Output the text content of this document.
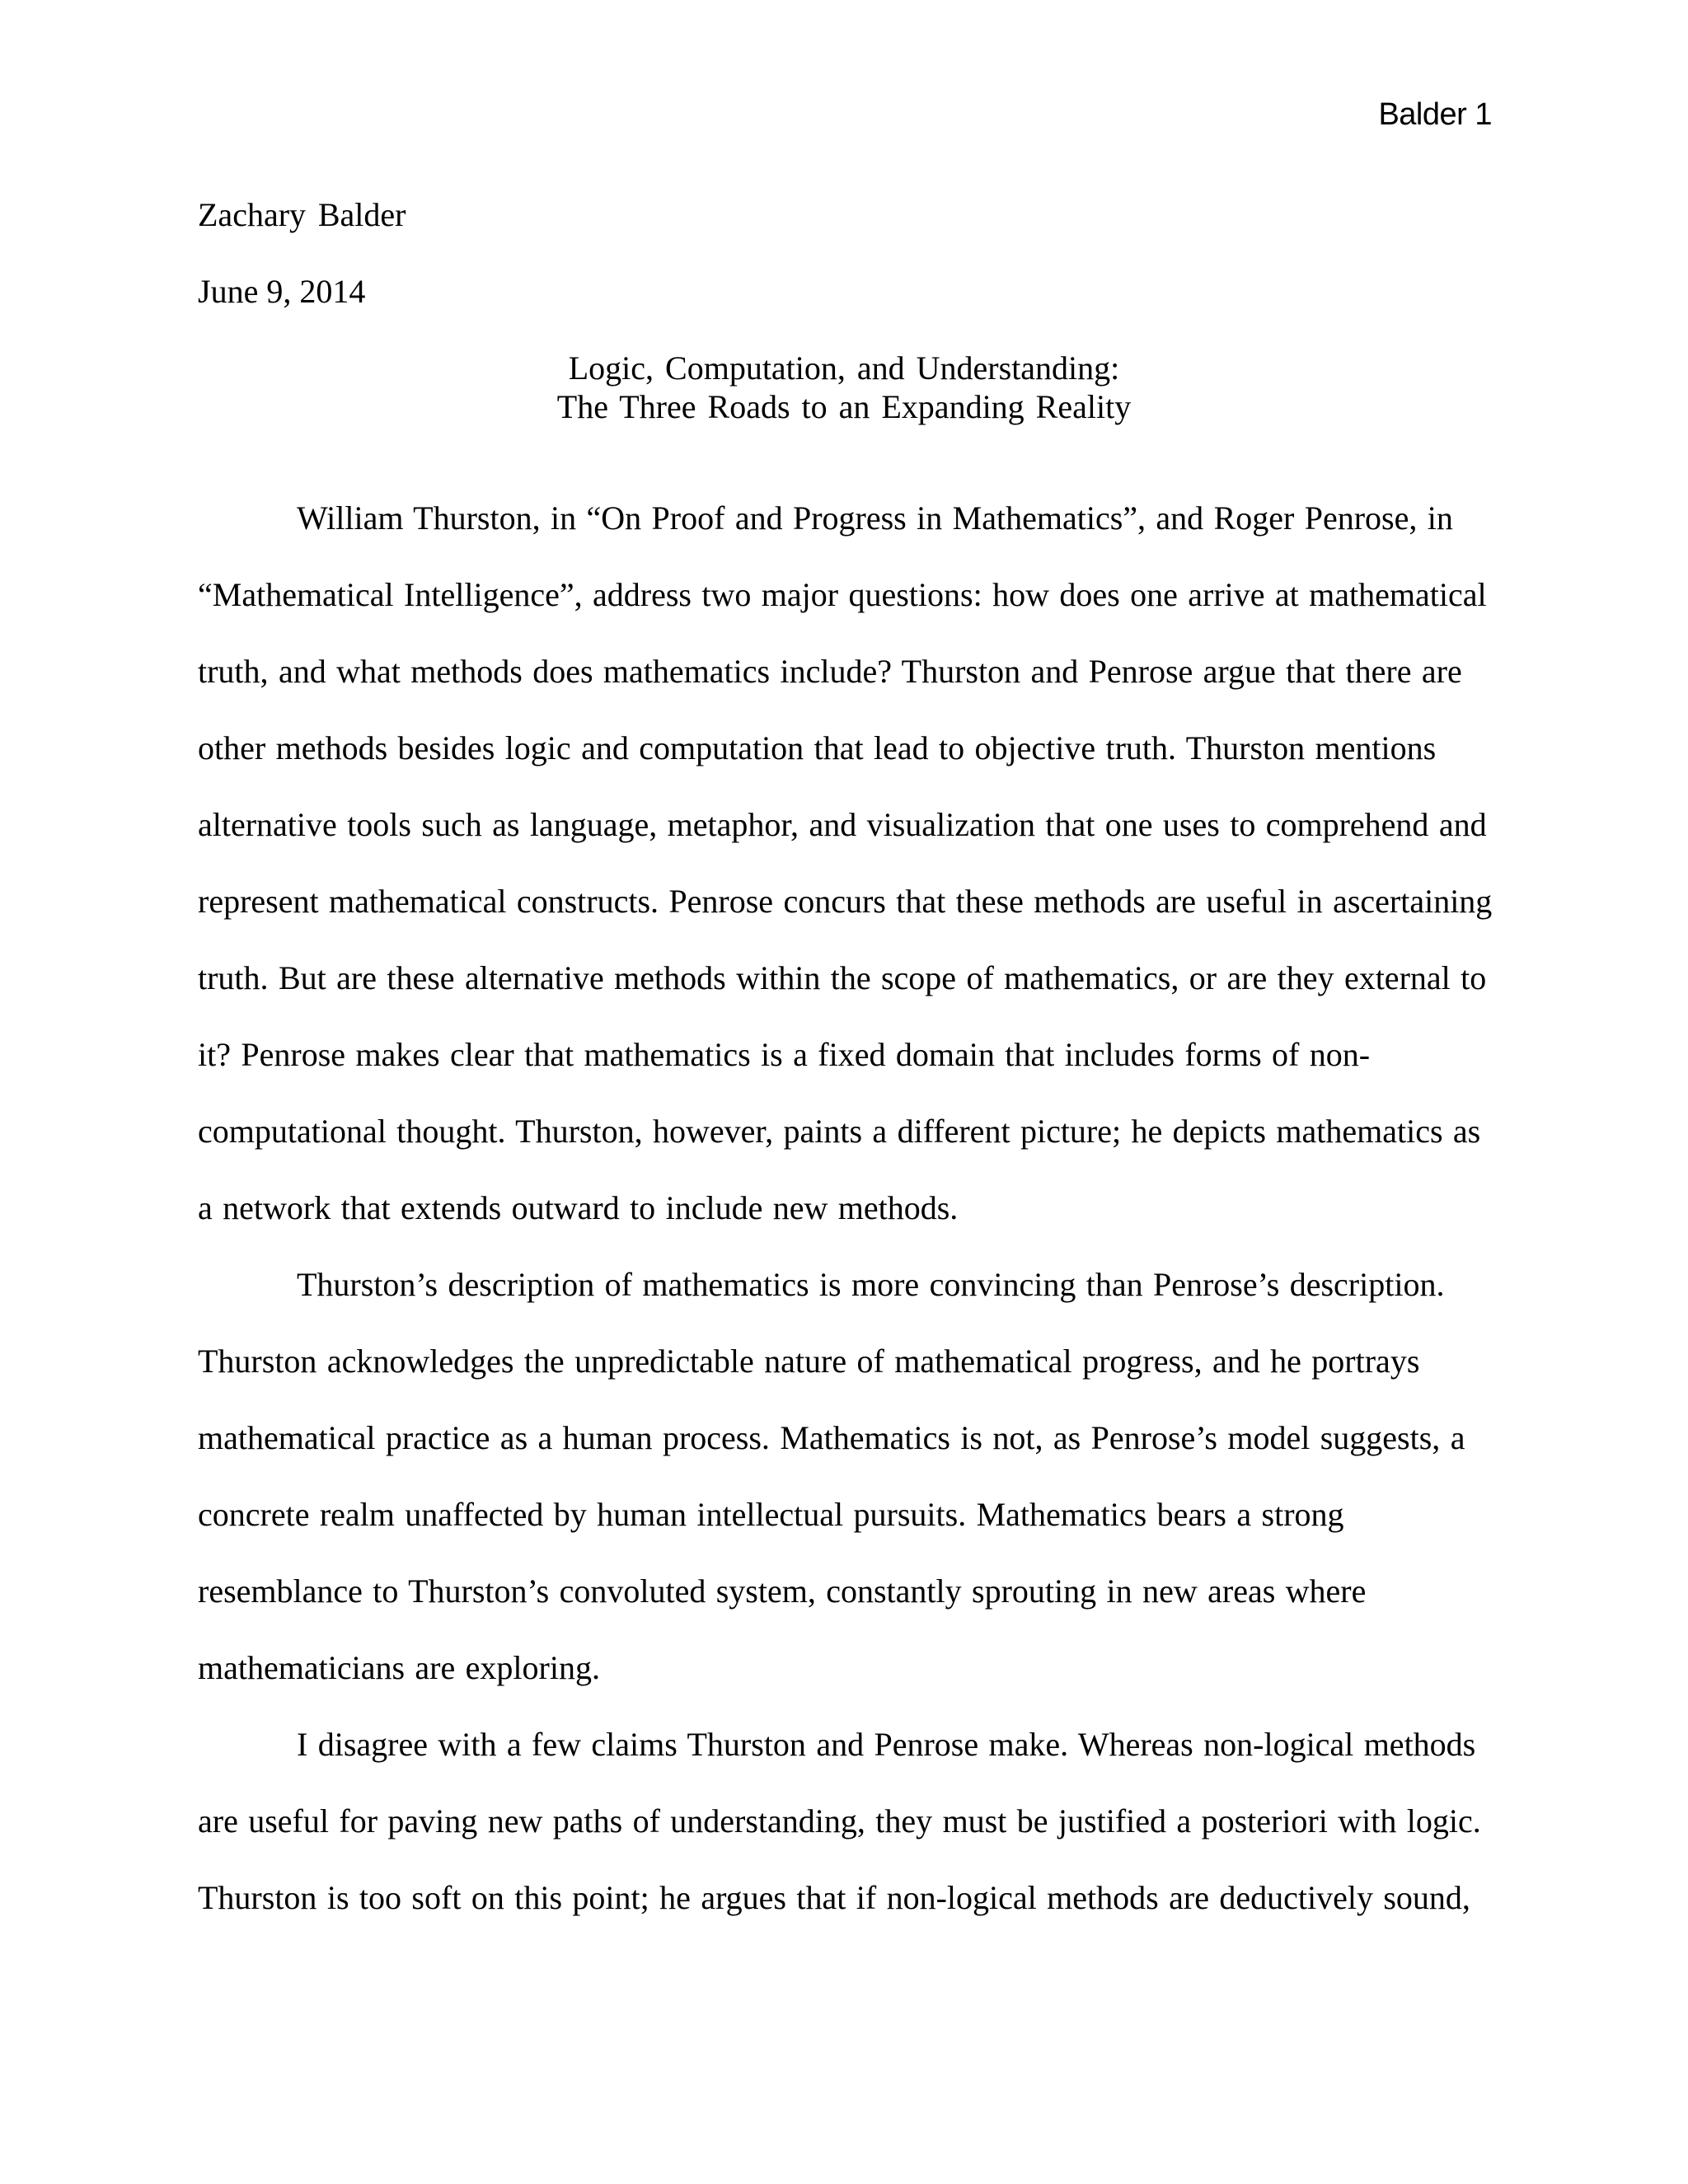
Balder 1
Zachary Balder
June 9, 2014
Logic, Computation, and Understanding:
The Three Roads to an Expanding Reality
William Thurston, in “On Proof and Progress in Mathematics”, and Roger Penrose, in
“Mathematical Intelligence”, address two major questions: how does one arrive at mathematical
truth, and what methods does mathematics include? Thurston and Penrose argue that there are
other methods besides logic and computation that lead to objective truth. Thurston mentions
alternative tools such as language, metaphor, and visualization that one uses to comprehend and
represent mathematical constructs. Penrose concurs that these methods are useful in ascertaining
truth. But are these alternative methods within the scope of mathematics, or are they external to
it? Penrose makes clear that mathematics is a fixed domain that includes forms of non-
computational thought. Thurston, however, paints a different picture; he depicts mathematics as
a network that extends outward to include new methods.
Thurston’s description of mathematics is more convincing than Penrose’s description.
Thurston acknowledges the unpredictable nature of mathematical progress, and he portrays
mathematical practice as a human process. Mathematics is not, as Penrose’s model suggests, a
concrete realm unaffected by human intellectual pursuits. Mathematics bears a strong
resemblance to Thurston’s convoluted system, constantly sprouting in new areas where
mathematicians are exploring.
I disagree with a few claims Thurston and Penrose make. Whereas non-logical methods
are useful for paving new paths of understanding, they must be justified a posteriori with logic.
Thurston is too soft on this point; he argues that if non-logical methods are deductively sound,
